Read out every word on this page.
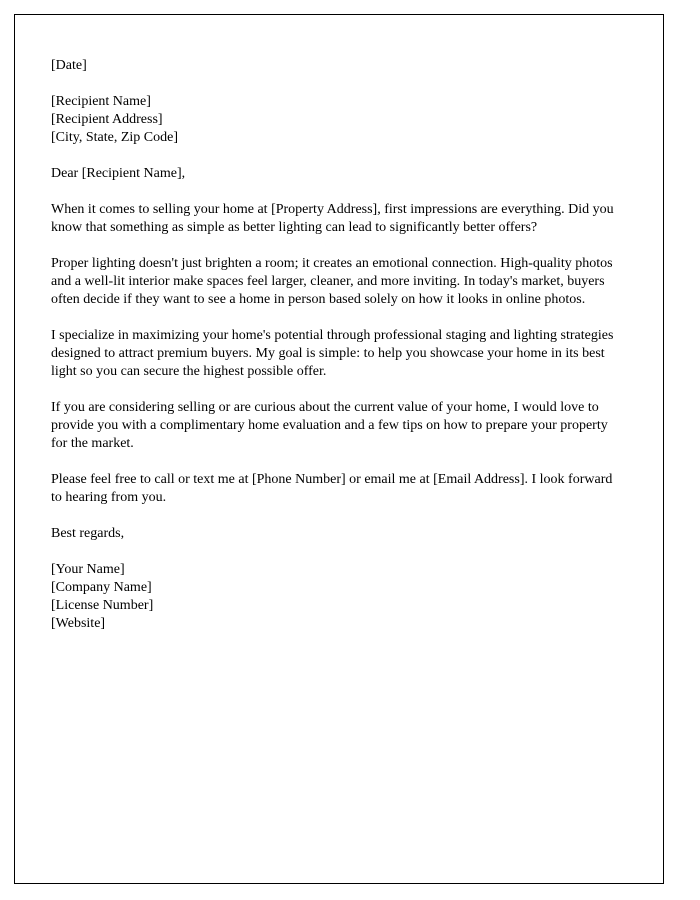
[Date]

[Recipient Name]
[Recipient Address]
[City, State, Zip Code]

Dear [Recipient Name],

When it comes to selling your home at [Property Address], first impressions are everything. Did you know that something as simple as better lighting can lead to significantly better offers?

Proper lighting doesn't just brighten a room; it creates an emotional connection. High-quality photos and a well-lit interior make spaces feel larger, cleaner, and more inviting. In today's market, buyers often decide if they want to see a home in person based solely on how it looks in online photos.

I specialize in maximizing your home's potential through professional staging and lighting strategies designed to attract premium buyers. My goal is simple: to help you showcase your home in its best light so you can secure the highest possible offer.

If you are considering selling or are curious about the current value of your home, I would love to provide you with a complimentary home evaluation and a few tips on how to prepare your property for the market.

Please feel free to call or text me at [Phone Number] or email me at [Email Address]. I look forward to hearing from you.

Best regards,

[Your Name]
[Company Name]
[License Number]
[Website]
